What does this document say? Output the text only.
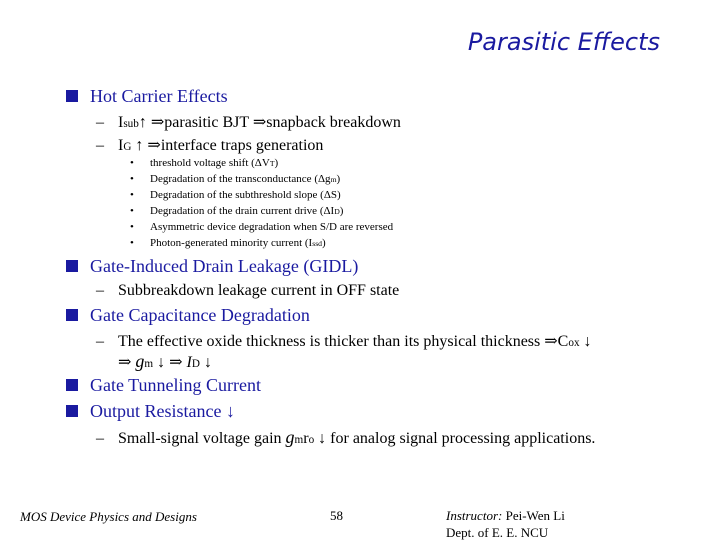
Parasitic Effects
Hot Carrier Effects
– $I_{sub}↑$ ⇒parasitic BJT ⇒snapback breakdown
– $I_G$ ↑ ⇒interface traps generation
• threshold voltage shift $(\Delta V_T)$
• Degradation of the transconductance $(\Delta g_m)$
• Degradation of the subthreshold slope (ΔS)
• Degradation of the drain current drive $(\Delta I_D)$
• Asymmetric device degradation when S/D are reversed
• Photon-generated minority current $(I_{ssd})$
Gate-Induced Drain Leakage (GIDL)
– Subbreakdown leakage current in OFF state
Gate Capacitance Degradation
– The effective oxide thickness is thicker than its physical thickness $\Rightarrow C_{ox}$ ↓
⇒ $g_m$ ↓ ⇒ $I_D$ ↓
Gate Tunneling Current
Output Resistance ↓
– Small-signal voltage gain $g_mr_o$ ↓ for analog signal processing applications.
MOS Device Physics and Designs	58	Instructor: Pei-Wen Li
Dept. of E. E. NCU
